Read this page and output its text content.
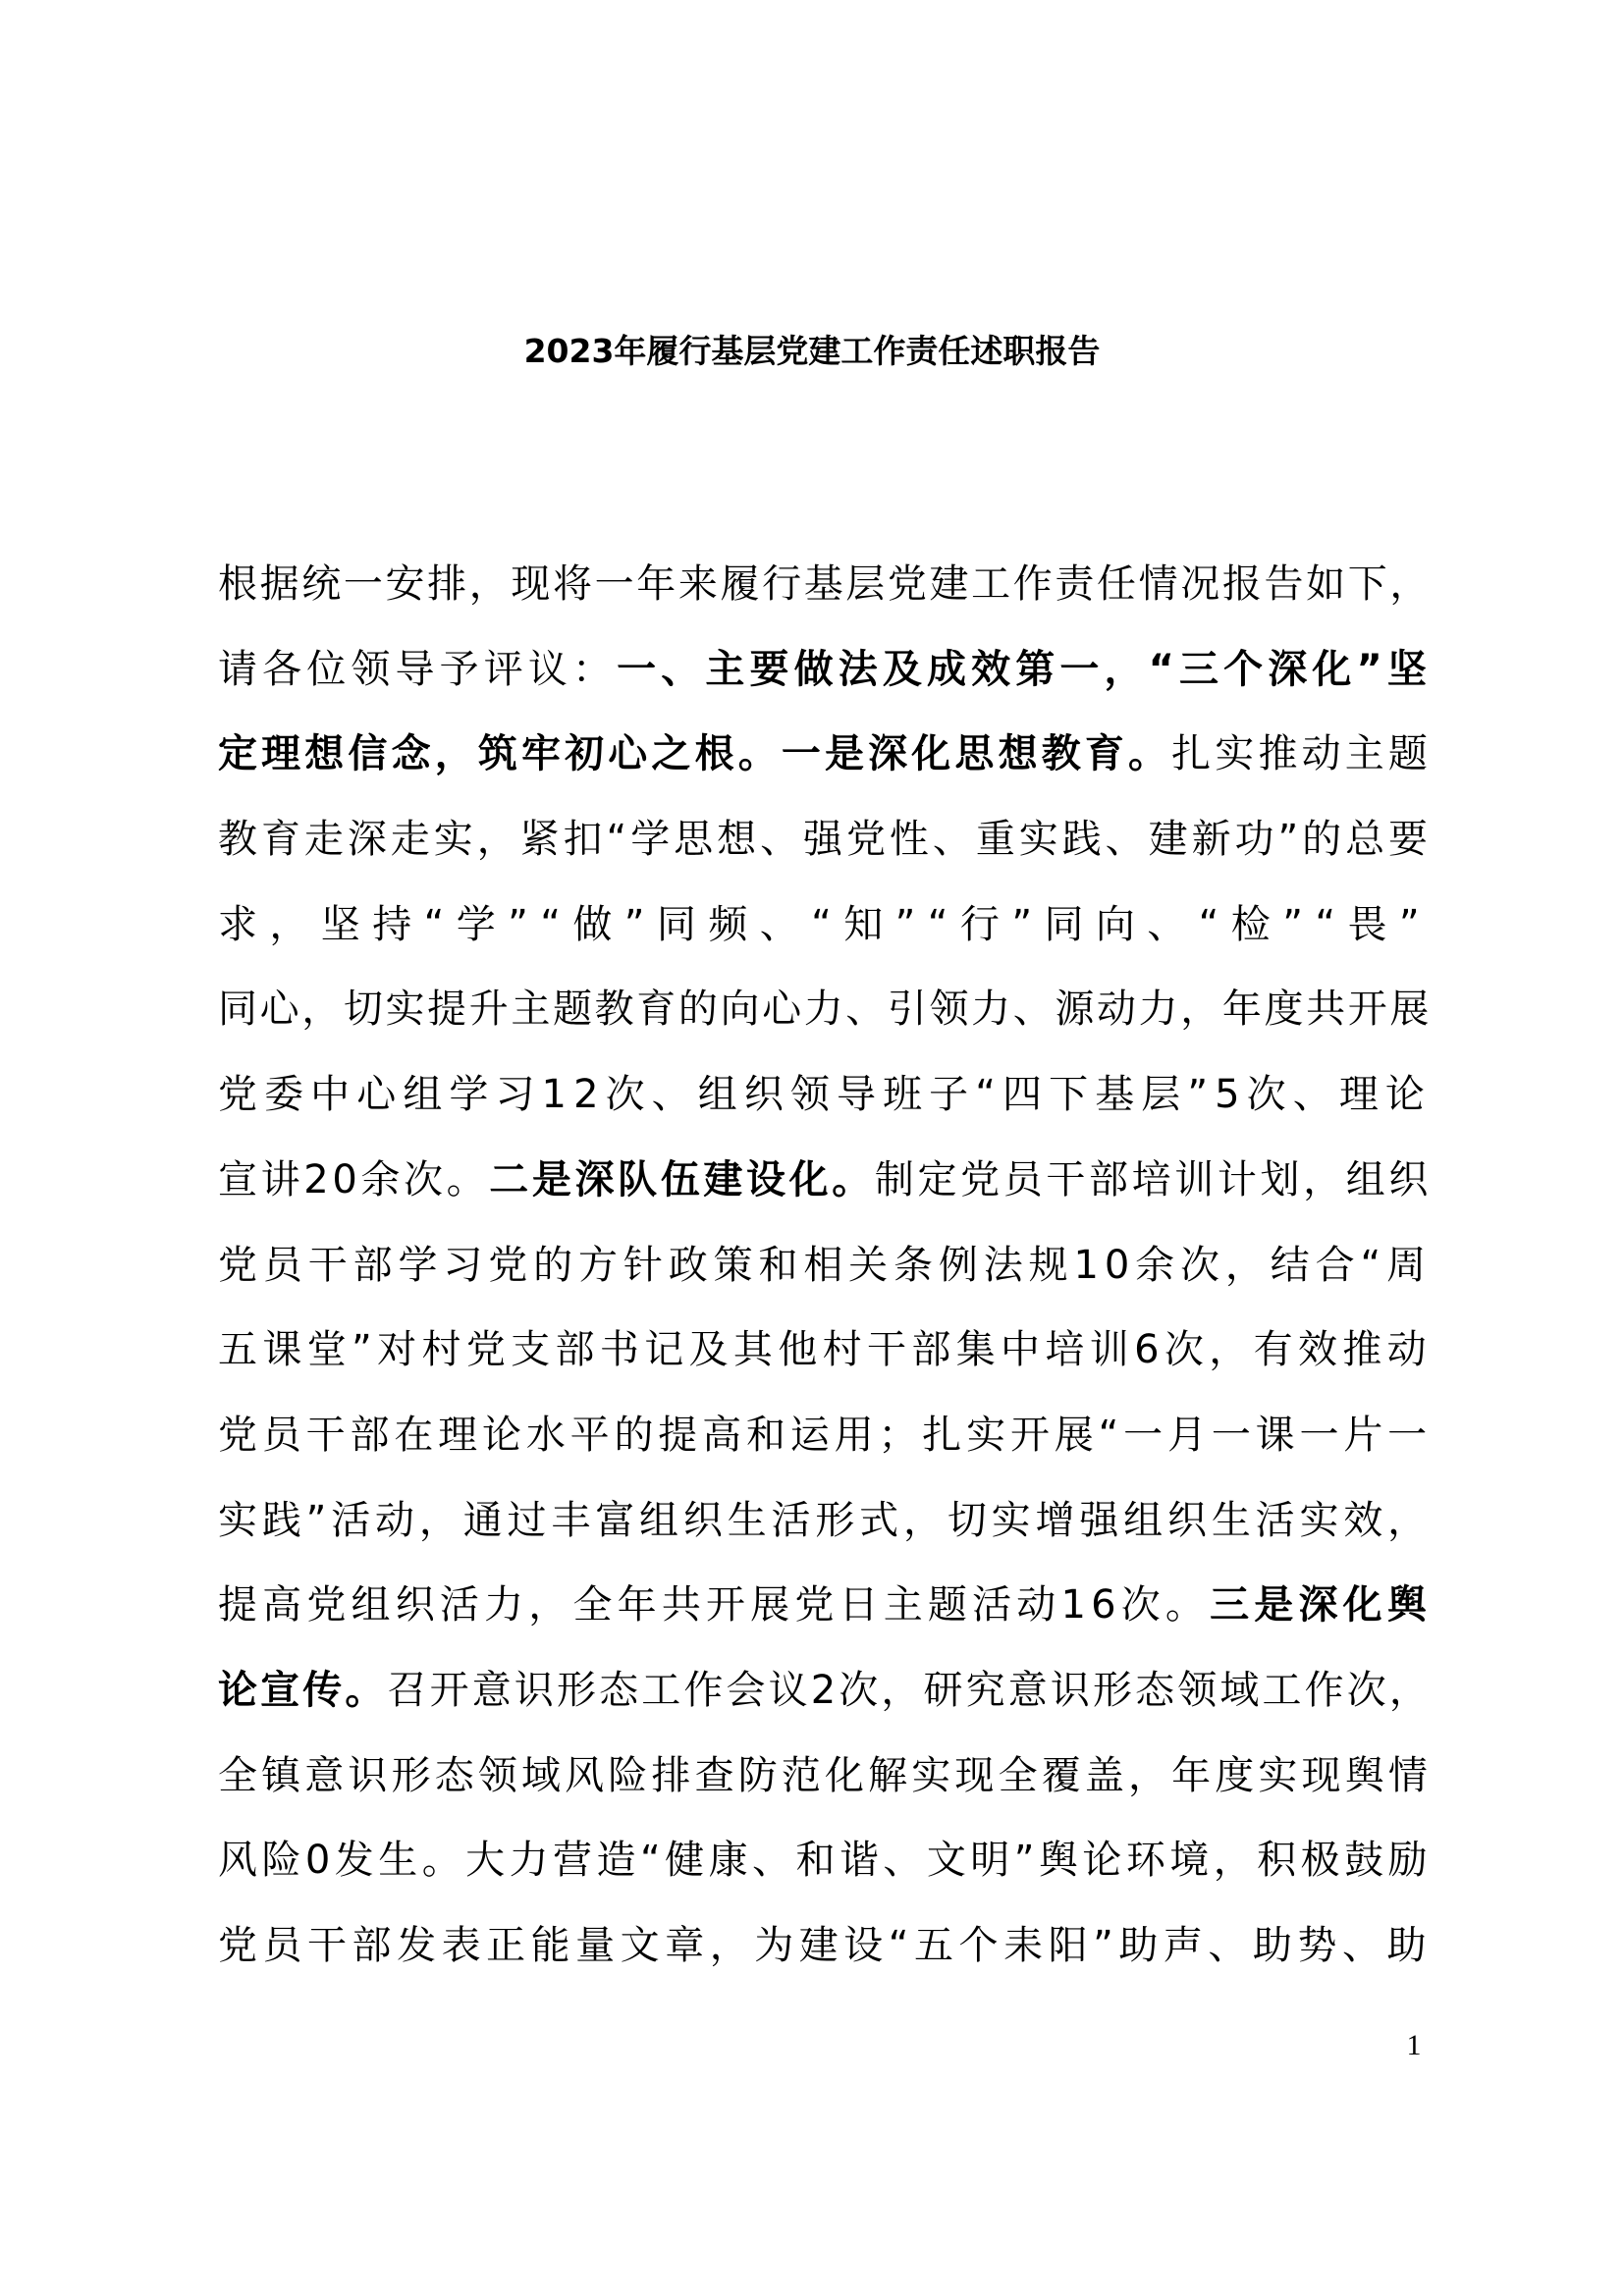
2023年履行基层党建工作责任述职报告
根据统一安排，现将一年来履行基层党建工作责任情况报告如下，
请各位领导予评议：一、主要做法及成效第一，“三个深化”坚
定理想信念，筑牢初心之根。一是深化思想教育。扎实推动主题
教育走深走实，紧扣“学思想、强党性、重实践、建新功”的总要
求，坚持“学”“做”同频、“知”“行”同向、“检”“畏”
同心，切实提升主题教育的向心力、引领力、源动力，年度共开展
党委中心组学习12次、组织领导班子“四下基层”5次、理论
宣讲20余次。二是深队伍建设化。制定党员干部培训计划，组织
党员干部学习党的方针政策和相关条例法规10余次，结合“周
五课堂”对村党支部书记及其他村干部集中培训6次，有效推动
党员干部在理论水平的提高和运用；扎实开展“一月一课一片一
实践”活动，通过丰富组织生活形式，切实增强组织生活实效，
提高党组织活力，全年共开展党日主题活动16次。三是深化舆
论宣传。召开意识形态工作会议2次，研究意识形态领域工作次，
全镇意识形态领域风险排查防范化解实现全覆盖，年度实现舆情
风险0发生。大力营造“健康、和谐、文明”舆论环境，积极鼓励
党员干部发表正能量文章，为建设“五个耒阳”助声、助势、助
1
